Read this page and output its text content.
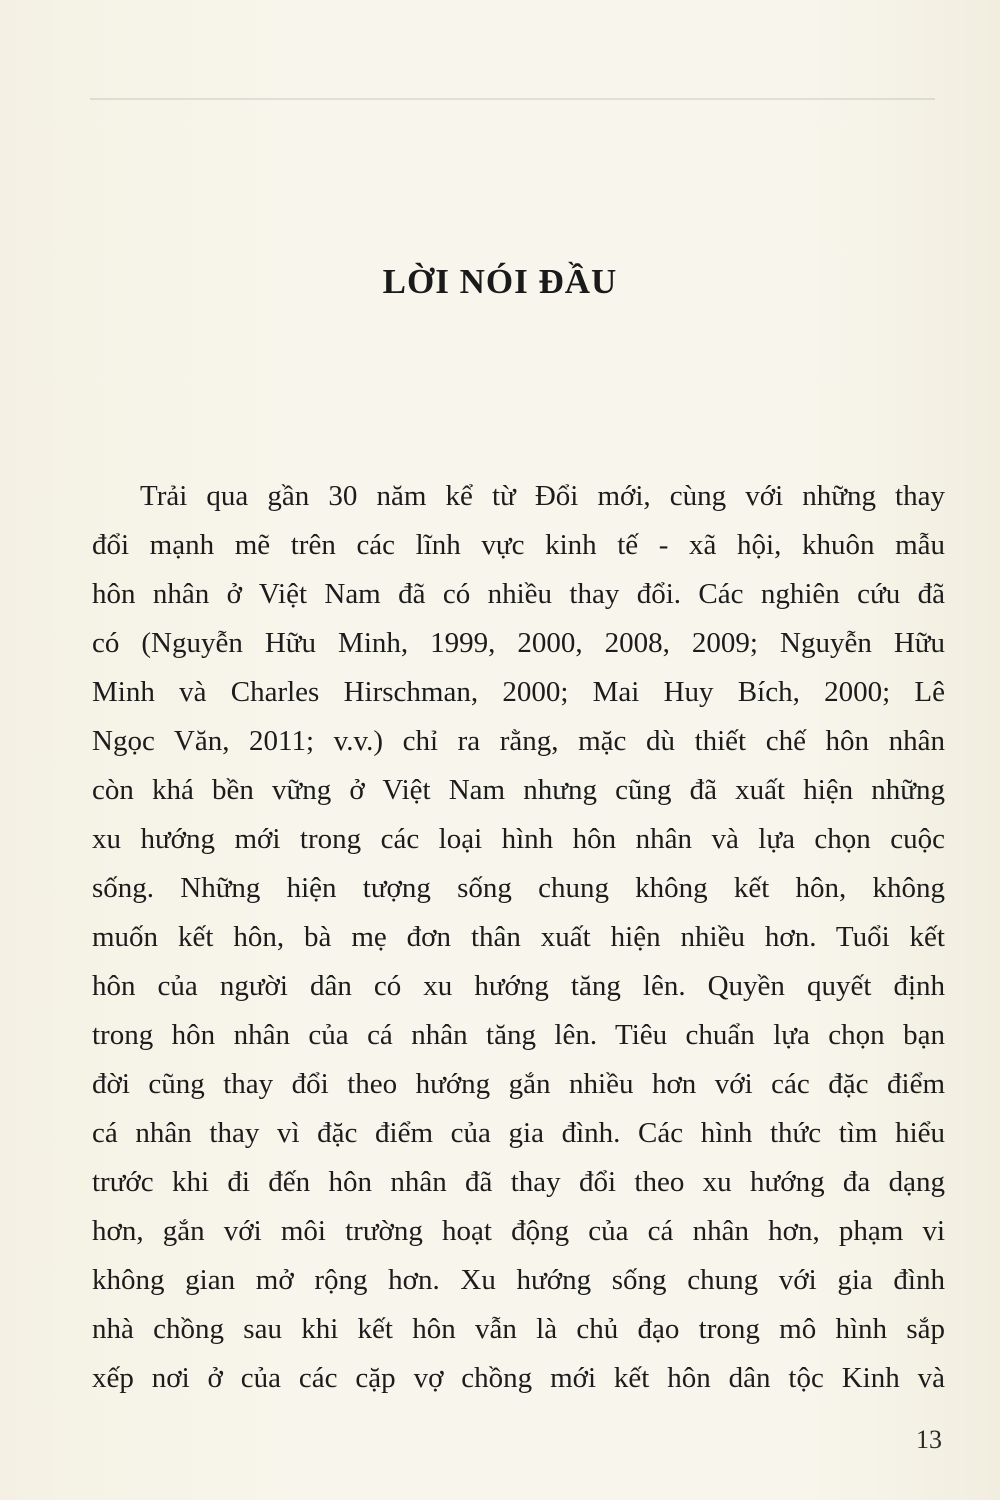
LỜI NÓI ĐẦU
Trải qua gần 30 năm kể từ Đổi mới, cùng với những thay
đổi mạnh mẽ trên các lĩnh vực kinh tế - xã hội, khuôn mẫu
hôn nhân ở Việt Nam đã có nhiều thay đổi. Các nghiên cứu đã
có (Nguyễn Hữu Minh, 1999, 2000, 2008, 2009; Nguyễn Hữu
Minh và Charles Hirschman, 2000; Mai Huy Bích, 2000; Lê
Ngọc Văn, 2011; v.v.) chỉ ra rằng, mặc dù thiết chế hôn nhân
còn khá bền vững ở Việt Nam nhưng cũng đã xuất hiện những
xu hướng mới trong các loại hình hôn nhân và lựa chọn cuộc
sống. Những hiện tượng sống chung không kết hôn, không
muốn kết hôn, bà mẹ đơn thân xuất hiện nhiều hơn. Tuổi kết
hôn của người dân có xu hướng tăng lên. Quyền quyết định
trong hôn nhân của cá nhân tăng lên. Tiêu chuẩn lựa chọn bạn
đời cũng thay đổi theo hướng gắn nhiều hơn với các đặc điểm
cá nhân thay vì đặc điểm của gia đình. Các hình thức tìm hiểu
trước khi đi đến hôn nhân đã thay đổi theo xu hướng đa dạng
hơn, gắn với môi trường hoạt động của cá nhân hơn, phạm vi
không gian mở rộng hơn. Xu hướng sống chung với gia đình
nhà chồng sau khi kết hôn vẫn là chủ đạo trong mô hình sắp
xếp nơi ở của các cặp vợ chồng mới kết hôn dân tộc Kinh và
13
